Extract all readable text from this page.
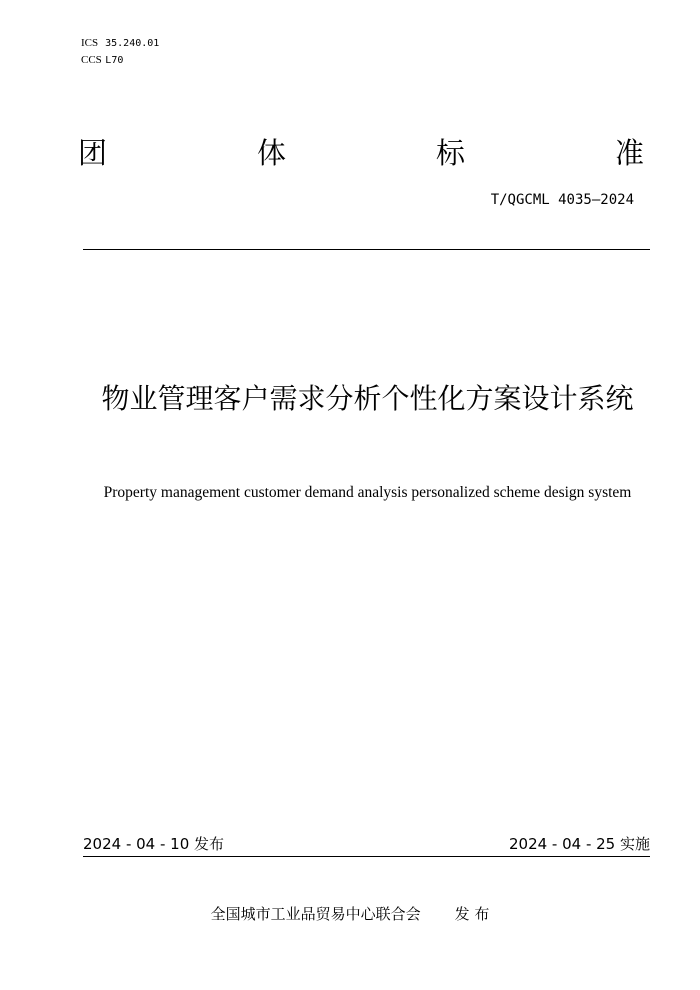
ICS 35.240.01
CCS L70
团	体	标	准
T/QGCML 4035—2024
物业管理客户需求分析个性化方案设计系统
Property management customer demand analysis personalized scheme design system
2024 - 04 - 10 发布	2024 - 04 - 25 实施
全国城市工业品贸易中心联合会 发 布
